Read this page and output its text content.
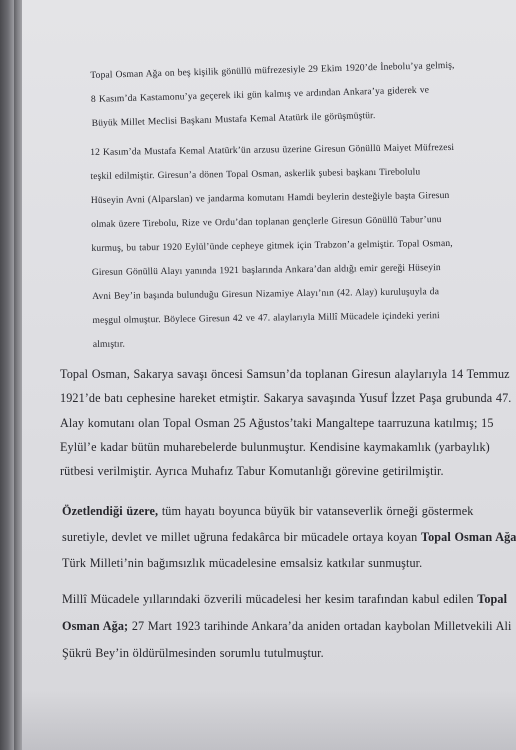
Topal Osman Ağa on beş kişilik gönüllü müfrezesiyle 29 Ekim 1920’de İnebolu’ya gelmiş,

8 Kasım’da Kastamonu’ya geçerek iki gün kalmış ve ardından Ankara’ya giderek ve

Büyük Millet Meclisi Başkanı Mustafa Kemal Atatürk ile görüşmüştür.

12 Kasım’da Mustafa Kemal Atatürk’ün arzusu üzerine Giresun Gönüllü Maiyet Müfrezesi

teşkil edilmiştir. Giresun’a dönen Topal Osman, askerlik şubesi başkanı Tirebolulu

Hüseyin Avni (Alparslan) ve jandarma komutanı Hamdi beylerin desteğiyle başta Giresun

olmak üzere Tirebolu, Rize ve Ordu’dan toplanan gençlerle Giresun Gönüllü Tabur’unu

kurmuş, bu tabur 1920 Eylül’ünde cepheye gitmek için Trabzon’a gelmiştir. Topal Osman,

Giresun Gönüllü Alayı yanında 1921 başlarında Ankara’dan aldığı emir gereği Hüseyin

Avni Bey’in başında bulunduğu Giresun Nizamiye Alayı’nın (42. Alay) kuruluşuyla da

meşgul olmuştur. Böylece Giresun 42 ve 47. alaylarıyla Millî Mücadele içindeki yerini

almıştır.

Topal Osman, Sakarya savaşı öncesi Samsun’da toplanan Giresun alaylarıyla 14 Temmuz

1921’de batı cephesine hareket etmiştir. Sakarya savaşında Yusuf İzzet Paşa grubunda 47.

Alay komutanı olan Topal Osman 25 Ağustos’taki Mangaltepe taarruzuna katılmış; 15

Eylül’e kadar bütün muharebelerde bulunmuştur. Kendisine kaymakamlık (yarbaylık)

rütbesi verilmiştir. Ayrıca Muhafız Tabur Komutanlığı görevine getirilmiştir.

Özetlendiği üzere, tüm hayatı boyunca büyük bir vatanseverlik örneği göstermek

suretiyle, devlet ve millet uğruna fedakârca bir mücadele ortaya koyan Topal Osman Ağa

Türk Milleti’nin bağımsızlık mücadelesine emsalsiz katkılar sunmuştur.

Millî Mücadele yıllarındaki özverili mücadelesi her kesim tarafından kabul edilen Topal

Osman Ağa; 27 Mart 1923 tarihinde Ankara’da aniden ortadan kaybolan Milletvekili Ali

Şükrü Bey’in öldürülmesinden sorumlu tutulmuştur.
